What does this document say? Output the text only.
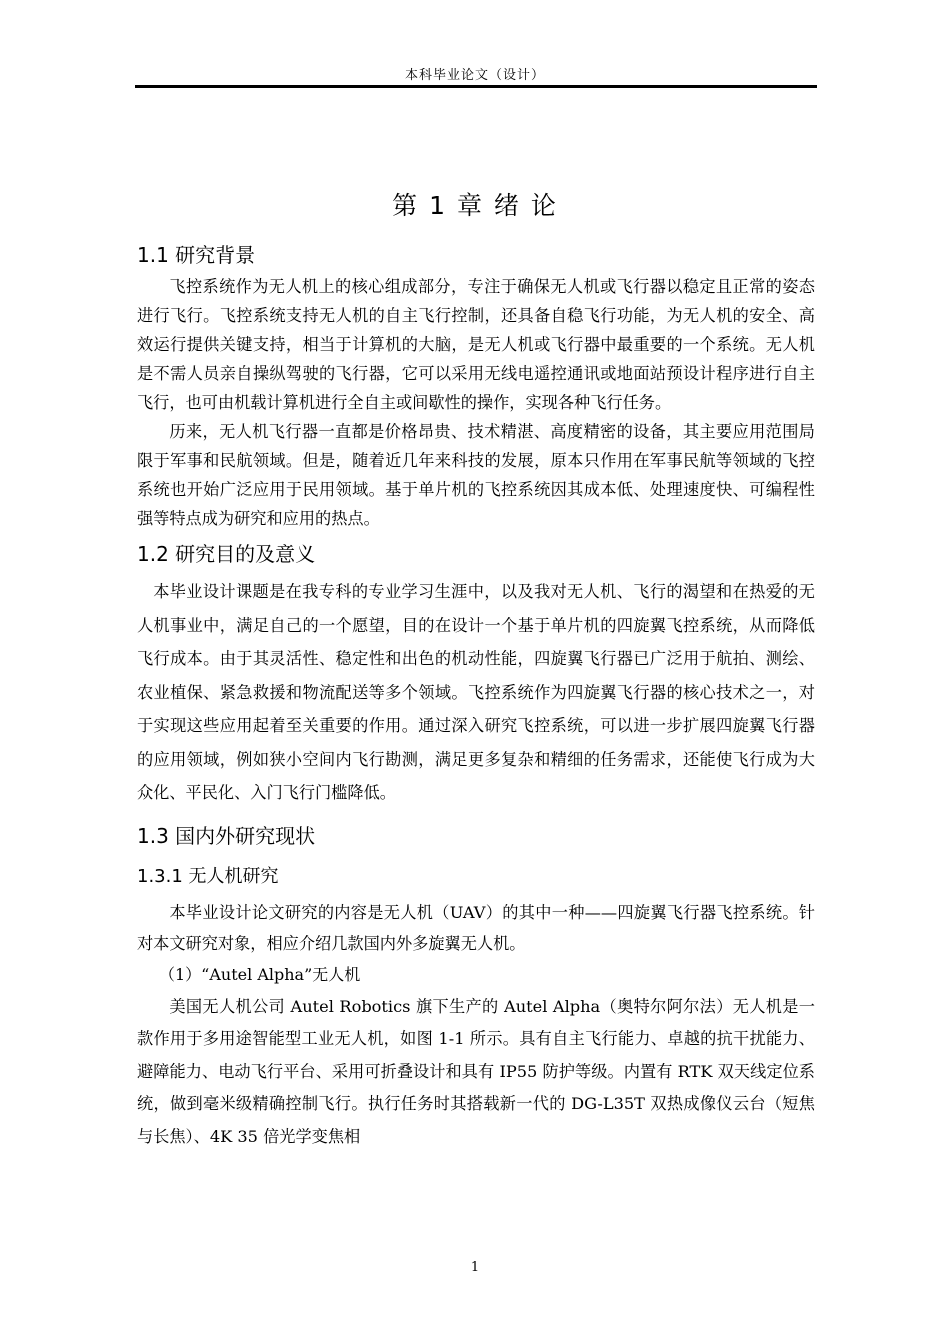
本科毕业论文（设计）
第 1 章 绪 论
1.1 研究背景

飞控系统作为无人机上的核心组成部分，专注于确保无人机或飞行器以稳定且正常的姿态进行飞行。飞控系统支持无人机的自主飞行控制，还具备自稳飞行功能，为无人机的安全、高效运行提供关键支持，相当于计算机的大脑，是无人机或飞行器中最重要的一个系统。无人机是不需人员亲自操纵驾驶的飞行器，它可以采用无线电遥控通讯或地面站预设计程序进行自主飞行，也可由机载计算机进行全自主或间歇性的操作，实现各种飞行任务。

历来，无人机飞行器一直都是价格昂贵、技术精湛、高度精密的设备，其主要应用范围局限于军事和民航领域。但是，随着近几年来科技的发展，原本只作用在军事民航等领域的飞控系统也开始广泛应用于民用领域。基于单片机的飞控系统因其成本低、处理速度快、可编程性强等特点成为研究和应用的热点。

1.2 研究目的及意义

本毕业设计课题是在我专科的专业学习生涯中，以及我对无人机、飞行的渴望和在热爱的无人机事业中，满足自己的一个愿望，目的在设计一个基于单片机的四旋翼飞控系统，从而降低飞行成本。由于其灵活性、稳定性和出色的机动性能，四旋翼飞行器已广泛用于航拍、测绘、农业植保、紧急救援和物流配送等多个领域。飞控系统作为四旋翼飞行器的核心技术之一，对于实现这些应用起着至关重要的作用。通过深入研究飞控系统，可以进一步扩展四旋翼飞行器的应用领域，例如狭小空间内飞行勘测，满足更多复杂和精细的任务需求，还能使飞行成为大众化、平民化、入门飞行门槛降低。

1.3 国内外研究现状
1.3.1 无人机研究

本毕业设计论文研究的内容是无人机（UAV）的其中一种——四旋翼飞行器飞控系统。针对本文研究对象，相应介绍几款国内外多旋翼无人机。

（1）“Autel Alpha”无人机

美国无人机公司 Autel Robotics 旗下生产的 Autel Alpha（奥特尔阿尔法）无人机是一款作用于多用途智能型工业无人机，如图 1-1 所示。具有自主飞行能力、卓越的抗干扰能力、避障能力、电动飞行平台、采用可折叠设计和具有 IP55 防护等级。内置有 RTK 双天线定位系统，做到毫米级精确控制飞行。执行任务时其搭载新一代的 DG-L35T 双热成像仪云台（短焦与长焦）、4K 35 倍光学变焦相

1
